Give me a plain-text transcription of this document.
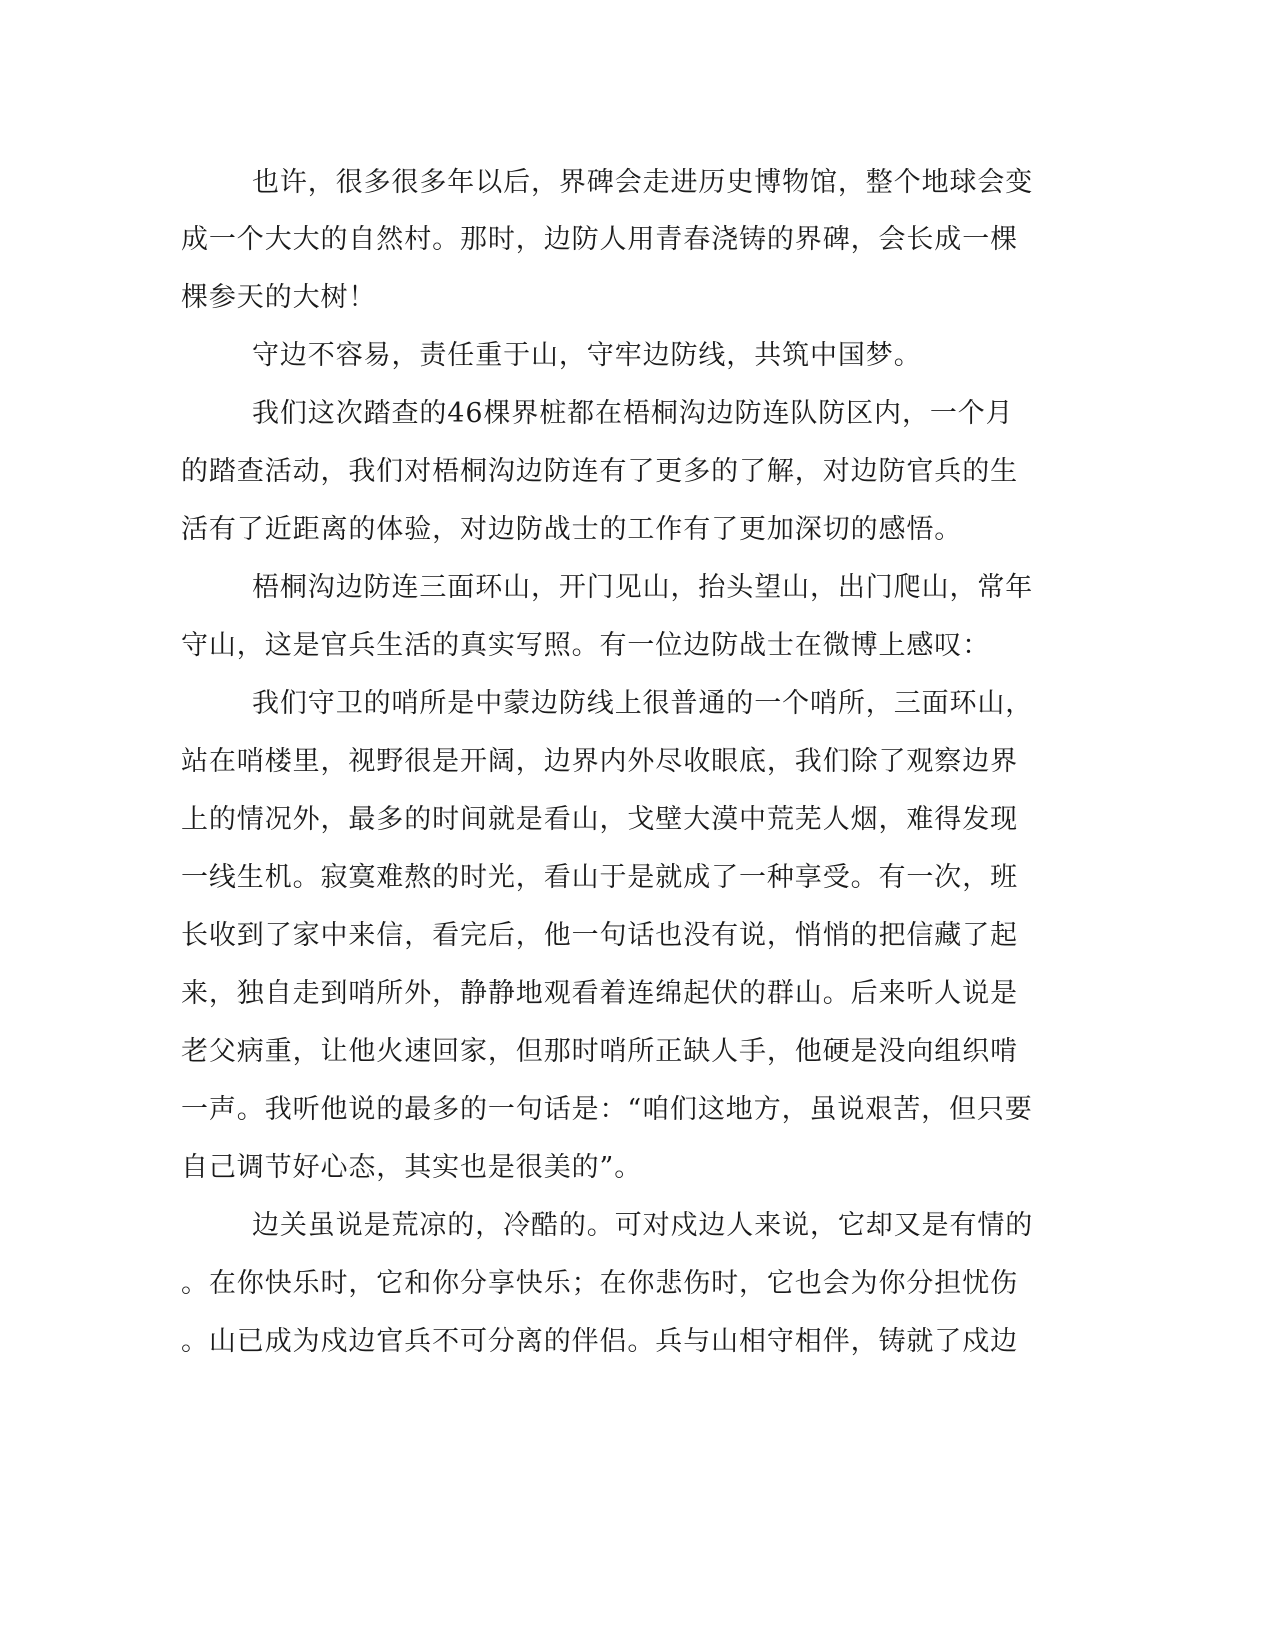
也许，很多很多年以后，界碑会走进历史博物馆，整个地球会变
成一个大大的自然村。那时，边防人用青春浇铸的界碑，会长成一棵
棵参天的大树！
守边不容易，责任重于山，守牢边防线，共筑中国梦。
我们这次踏查的46棵界桩都在梧桐沟边防连队防区内，一个月
的踏查活动，我们对梧桐沟边防连有了更多的了解，对边防官兵的生
活有了近距离的体验，对边防战士的工作有了更加深切的感悟。
梧桐沟边防连三面环山，开门见山，抬头望山，出门爬山，常年
守山，这是官兵生活的真实写照。有一位边防战士在微博上感叹：
我们守卫的哨所是中蒙边防线上很普通的一个哨所，三面环山，
站在哨楼里，视野很是开阔，边界内外尽收眼底，我们除了观察边界
上的情况外，最多的时间就是看山，戈壁大漠中荒芜人烟，难得发现
一线生机。寂寞难熬的时光，看山于是就成了一种享受。有一次，班
长收到了家中来信，看完后，他一句话也没有说，悄悄的把信藏了起
来，独自走到哨所外，静静地观看着连绵起伏的群山。后来听人说是
老父病重，让他火速回家，但那时哨所正缺人手，他硬是没向组织啃
一声。我听他说的最多的一句话是：“咱们这地方，虽说艰苦，但只要
自己调节好心态，其实也是很美的”。
边关虽说是荒凉的，冷酷的。可对戍边人来说，它却又是有情的
。在你快乐时，它和你分享快乐；在你悲伤时，它也会为你分担忧伤
。山已成为戍边官兵不可分离的伴侣。兵与山相守相伴，铸就了戍边
